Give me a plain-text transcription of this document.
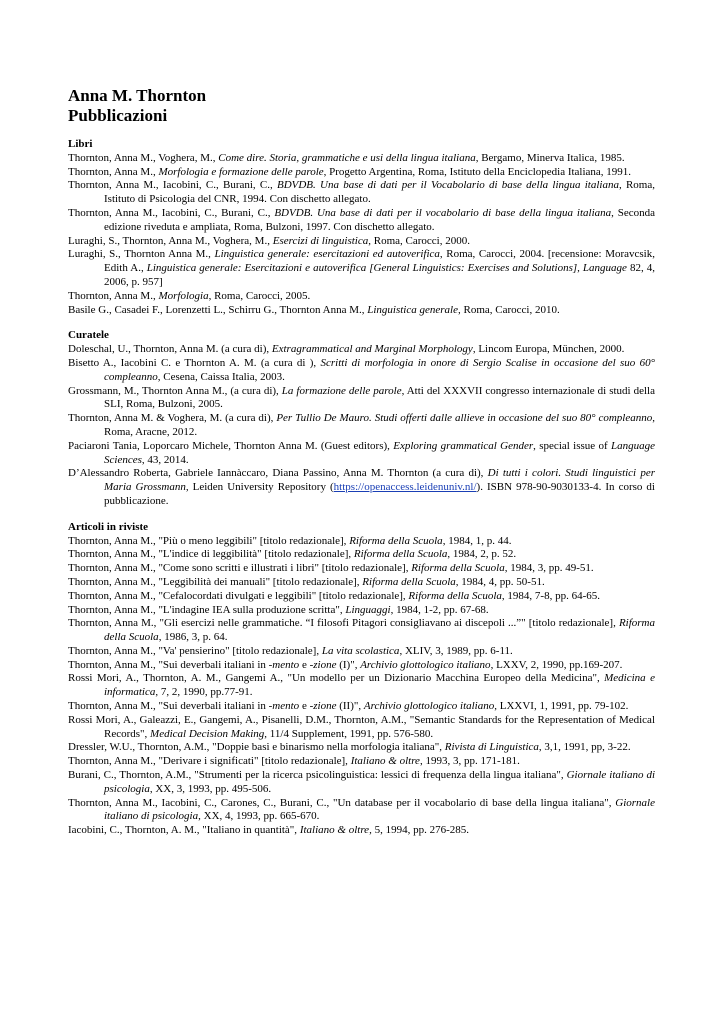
Anna M. Thornton
Pubblicazioni
Libri
Thornton, Anna M., Voghera, M., Come dire. Storia, grammatiche e usi della lingua italiana, Bergamo, Minerva Italica, 1985.
Thornton, Anna M., Morfologia e formazione delle parole, Progetto Argentina, Roma, Istituto della Enciclopedia Italiana, 1991.
Thornton, Anna M., Iacobini, C., Burani, C., BDVDB. Una base di dati per il Vocabolario di base della lingua italiana, Roma, Istituto di Psicologia del CNR, 1994. Con dischetto allegato.
Thornton, Anna M., Iacobini, C., Burani, C., BDVDB. Una base di dati per il vocabolario di base della lingua italiana, Seconda edizione riveduta e ampliata, Roma, Bulzoni, 1997. Con dischetto allegato.
Luraghi, S., Thornton, Anna M., Voghera, M., Esercizi di linguistica, Roma, Carocci, 2000.
Luraghi, S., Thornton Anna M., Linguistica generale: esercitazioni ed autoverifica, Roma, Carocci, 2004. [recensione: Moravcsik, Edith A., Linguistica generale: Esercitazioni e autoverifica [General Linguistics: Exercises and Solutions], Language 82, 4, 2006, p. 957]
Thornton, Anna M., Morfologia, Roma, Carocci, 2005.
Basile G., Casadei F., Lorenzetti L., Schirru G., Thornton Anna M., Linguistica generale, Roma, Carocci, 2010.
Curatele
Doleschal, U., Thornton, Anna M. (a cura di), Extragrammatical and Marginal Morphology, Lincom Europa, München, 2000.
Bisetto A., Iacobini C. e Thornton A. M. (a cura di ), Scritti di morfologia in onore di Sergio Scalise in occasione del suo 60° compleanno, Cesena, Caissa Italia, 2003.
Grossmann, M., Thornton Anna M., (a cura di), La formazione delle parole, Atti del XXXVII congresso internazionale di studi della SLI, Roma, Bulzoni, 2005.
Thornton, Anna M. & Voghera, M. (a cura di), Per Tullio De Mauro. Studi offerti dalle allieve in occasione del suo 80° compleanno, Roma, Aracne, 2012.
Paciaroni Tania, Loporcaro Michele, Thornton Anna M. (Guest editors), Exploring grammatical Gender, special issue of Language Sciences, 43, 2014.
D’Alessandro Roberta, Gabriele Iannàccaro, Diana Passino, Anna M. Thornton (a cura di), Di tutti i colori. Studi linguistici per Maria Grossmann, Leiden University Repository (https://openaccess.leidenuniv.nl/). ISBN 978-90-9030133-4. In corso di pubblicazione.
Articoli in riviste
Thornton, Anna M., "Più o meno leggibili" [titolo redazionale], Riforma della Scuola, 1984, 1, p. 44.
Thornton, Anna M., "L'indice di leggibilità" [titolo redazionale], Riforma della Scuola, 1984, 2, p. 52.
Thornton, Anna M., "Come sono scritti e illustrati i libri" [titolo redazionale], Riforma della Scuola, 1984, 3, pp. 49-51.
Thornton, Anna M., "Leggibilità dei manuali" [titolo redazionale], Riforma della Scuola, 1984, 4, pp. 50-51.
Thornton, Anna M., "Cefalocordati divulgati e leggibili" [titolo redazionale], Riforma della Scuola, 1984, 7-8, pp. 64-65.
Thornton, Anna M., "L'indagine IEA sulla produzione scritta", Linguaggi, 1984, 1-2, pp. 67-68.
Thornton, Anna M., "Gli esercizi nelle grammatiche. “I filosofi Pitagori consigliavano ai discepoli ...”" [titolo redazionale], Riforma della Scuola, 1986, 3, p. 64.
Thornton, Anna M., "Va' pensierino" [titolo redazionale], La vita scolastica, XLIV, 3, 1989, pp. 6-11.
Thornton, Anna M., "Sui deverbali italiani in -mento e -zione (I)", Archivio glottologico italiano, LXXV, 2, 1990, pp.169-207.
Rossi Mori, A., Thornton, A. M., Gangemi A., "Un modello per un Dizionario Macchina Europeo della Medicina", Medicina e informatica, 7, 2, 1990, pp.77-91.
Thornton, Anna M., "Sui deverbali italiani in -mento e -zione (II)", Archivio glottologico italiano, LXXVI, 1, 1991, pp. 79-102.
Rossi Mori, A., Galeazzi, E., Gangemi, A., Pisanelli, D.M., Thornton, A.M., "Semantic Standards for the Representation of Medical Records", Medical Decision Making, 11/4 Supplement, 1991, pp. 576-580.
Dressler, W.U., Thornton, A.M., "Doppie basi e binarismo nella morfologia italiana", Rivista di Linguistica, 3,1, 1991, pp, 3-22.
Thornton, Anna M., "Derivare i significati" [titolo redazionale], Italiano & oltre, 1993, 3, pp. 171-181.
Burani, C., Thornton, A.M., "Strumenti per la ricerca psicolinguistica: lessici di frequenza della lingua italiana", Giornale italiano di psicologia, XX, 3, 1993, pp. 495-506.
Thornton, Anna M., Iacobini, C., Carones, C., Burani, C., "Un database per il vocabolario di base della lingua italiana", Giornale italiano di psicologia, XX, 4, 1993, pp. 665-670.
Iacobini, C., Thornton, A. M., "Italiano in quantità", Italiano & oltre, 5, 1994, pp. 276-285.
